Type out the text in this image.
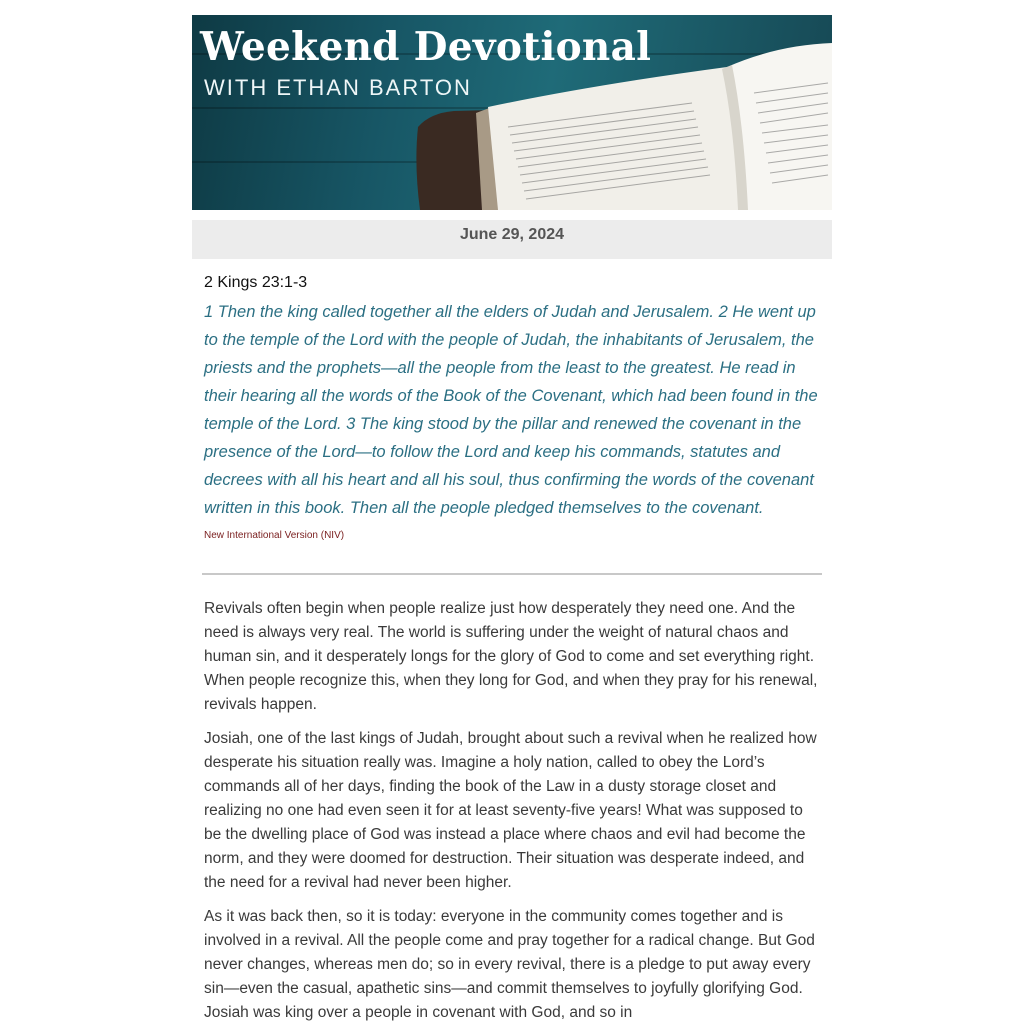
Weekend Devotional
WITH ETHAN BARTON
June 29, 2024
2 Kings 23:1-3

1 Then the king called together all the elders of Judah and Jerusalem. 2 He went up to the temple of the Lord with the people of Judah, the inhabitants of Jerusalem, the priests and the prophets—all the people from the least to the greatest. He read in their hearing all the words of the Book of the Covenant, which had been found in the temple of the Lord. 3 The king stood by the pillar and renewed the covenant in the presence of the Lord—to follow the Lord and keep his commands, statutes and decrees with all his heart and all his soul, thus confirming the words of the covenant written in this book. Then all the people pledged themselves to the covenant.

New International Version (NIV)

Revivals often begin when people realize just how desperately they need one. And the need is always very real. The world is suffering under the weight of natural chaos and human sin, and it desperately longs for the glory of God to come and set everything right. When people recognize this, when they long for God, and when they pray for his renewal, revivals happen.

Josiah, one of the last kings of Judah, brought about such a revival when he realized how desperate his situation really was. Imagine a holy nation, called to obey the Lord’s commands all of her days, finding the book of the Law in a dusty storage closet and realizing no one had even seen it for at least seventy-five years! What was supposed to be the dwelling place of God was instead a place where chaos and evil had become the norm, and they were doomed for destruction. Their situation was desperate indeed, and the need for a revival had never been higher.

As it was back then, so it is today: everyone in the community comes together and is involved in a revival. All the people come and pray together for a radical change. But God never changes, whereas men do; so in every revival, there is a pledge to put away every sin—even the casual, apathetic sins—and commit themselves to joyfully glorifying God. Josiah was king over a people in covenant with God, and so in
